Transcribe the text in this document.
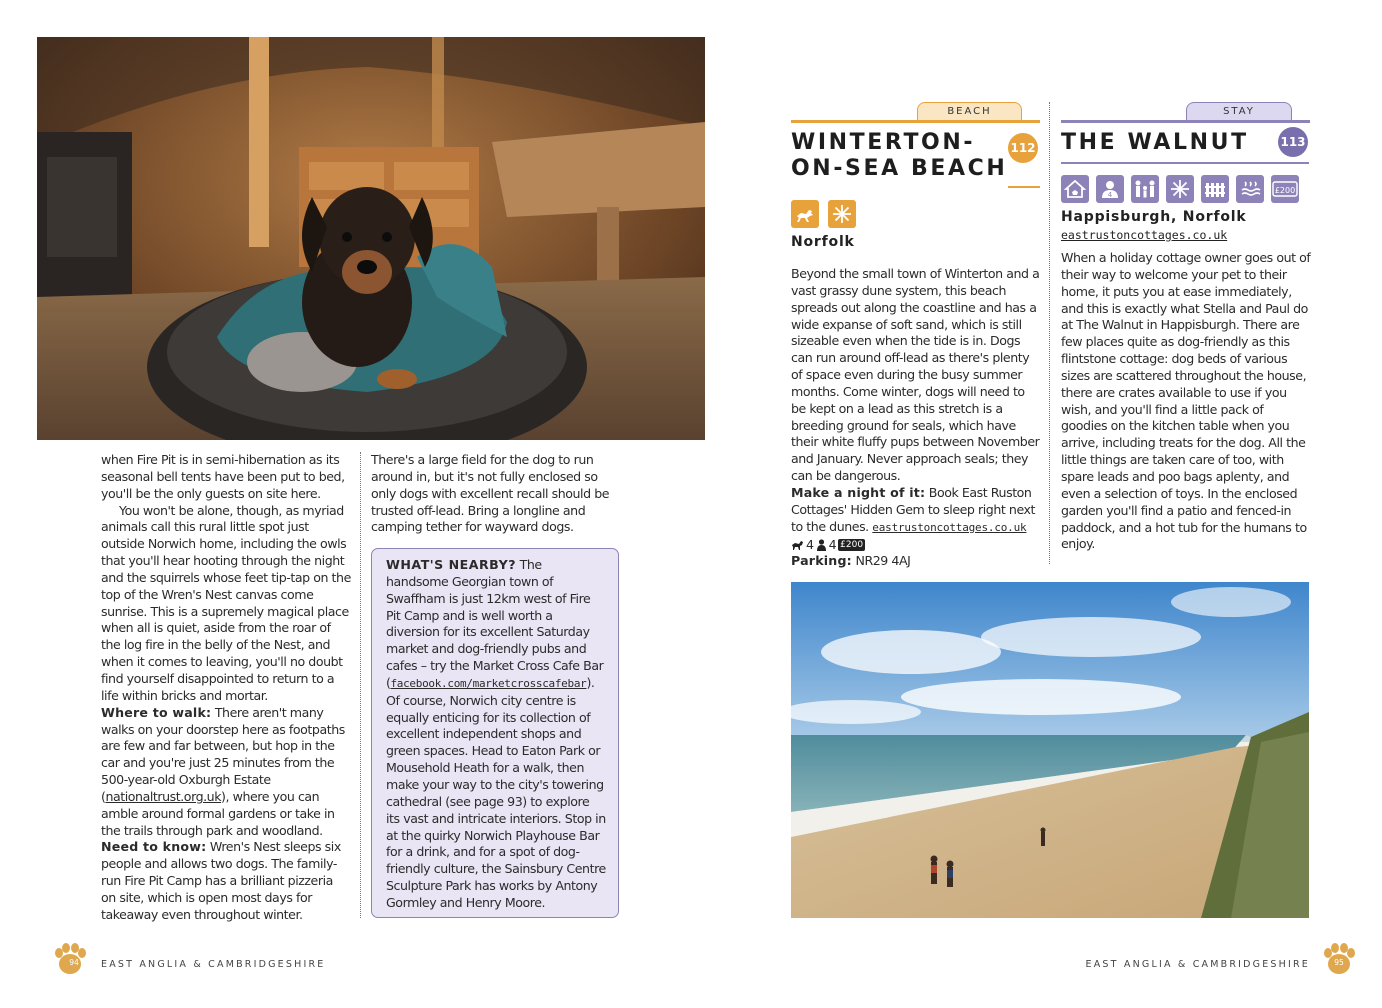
when Fire Pit is in semi-hibernation as its seasonal bell tents have been put to bed, you'll be the only guests on site here.

You won't be alone, though, as myriad animals call this rural little spot just outside Norwich home, including the owls that you'll hear hooting through the night and the squirrels whose feet tip-tap on the top of the Wren's Nest canvas come sunrise. This is a supremely magical place when all is quiet, aside from the roar of the log fire in the belly of the Nest, and when it comes to leaving, you'll no doubt find yourself disappointed to return to a life within bricks and mortar.

Where to walk: There aren't many walks on your doorstep here as footpaths are few and far between, but hop in the car and you're just 25 minutes from the 500-year-old Oxburgh Estate (nationaltrust.org.uk), where you can amble around formal gardens or take in the trails through park and woodland.

Need to know: Wren's Nest sleeps six people and allows two dogs. The family-run Fire Pit Camp has a brilliant pizzeria on site, which is open most days for takeaway even throughout winter.

There's a large field for the dog to run around in, but it's not fully enclosed so only dogs with excellent recall should be trusted off-lead. Bring a longline and camping tether for wayward dogs.

WHAT'S NEARBY? The handsome Georgian town of Swaffham is just 12km west of Fire Pit Camp and is well worth a diversion for its excellent Saturday market and dog-friendly pubs and cafes – try the Market Cross Cafe Bar (facebook.com/marketcrosscafebar). Of course, Norwich city centre is equally enticing for its collection of excellent independent shops and green spaces. Head to Eaton Park or Mousehold Heath for a walk, then make your way to the city's towering cathedral (see page 93) to explore its vast and intricate interiors. Stop in at the quirky Norwich Playhouse Bar for a drink, and for a spot of dog-friendly culture, the Sainsbury Centre Sculpture Park has works by Antony Gormley and Henry Moore.

94	EAST ANGLIA & CAMBRIDGESHIRE
BEACH
WINTERTON-
ON-SEA BEACH
112
Norfolk

Beyond the small town of Winterton and a vast grassy dune system, this beach spreads out along the coastline and has a wide expanse of soft sand, which is still sizeable even when the tide is in. Dogs can run around off-lead as there's plenty of space even during the busy summer months. Come winter, dogs will need to be kept on a lead as this stretch is a breeding ground for seals, which have their white fluffy pups between November and January. Never approach seals; they can be dangerous.

Make a night of it: Book East Ruston Cottages' Hidden Gem to sleep right next to the dunes. eastrustoncottages.co.uk

4 4 £200

Parking: NR29 4AJ

STAY
THE WALNUT	113
4	£200
Happisburgh, Norfolk
eastrustoncottages.co.uk

When a holiday cottage owner goes out of their way to welcome your pet to their home, it puts you at ease immediately, and this is exactly what Stella and Paul do at The Walnut in Happisburgh. There are few places quite as dog-friendly as this flintstone cottage: dog beds of various sizes are scattered throughout the house, there are crates available to use if you wish, and you'll find a little pack of goodies on the kitchen table when you arrive, including treats for the dog. All the little things are taken care of too, with spare leads and poo bags aplenty, and even a selection of toys. In the enclosed garden you'll find a patio and fenced-in paddock, and a hot tub for the humans to enjoy.

EAST ANGLIA & CAMBRIDGESHIRE	95
